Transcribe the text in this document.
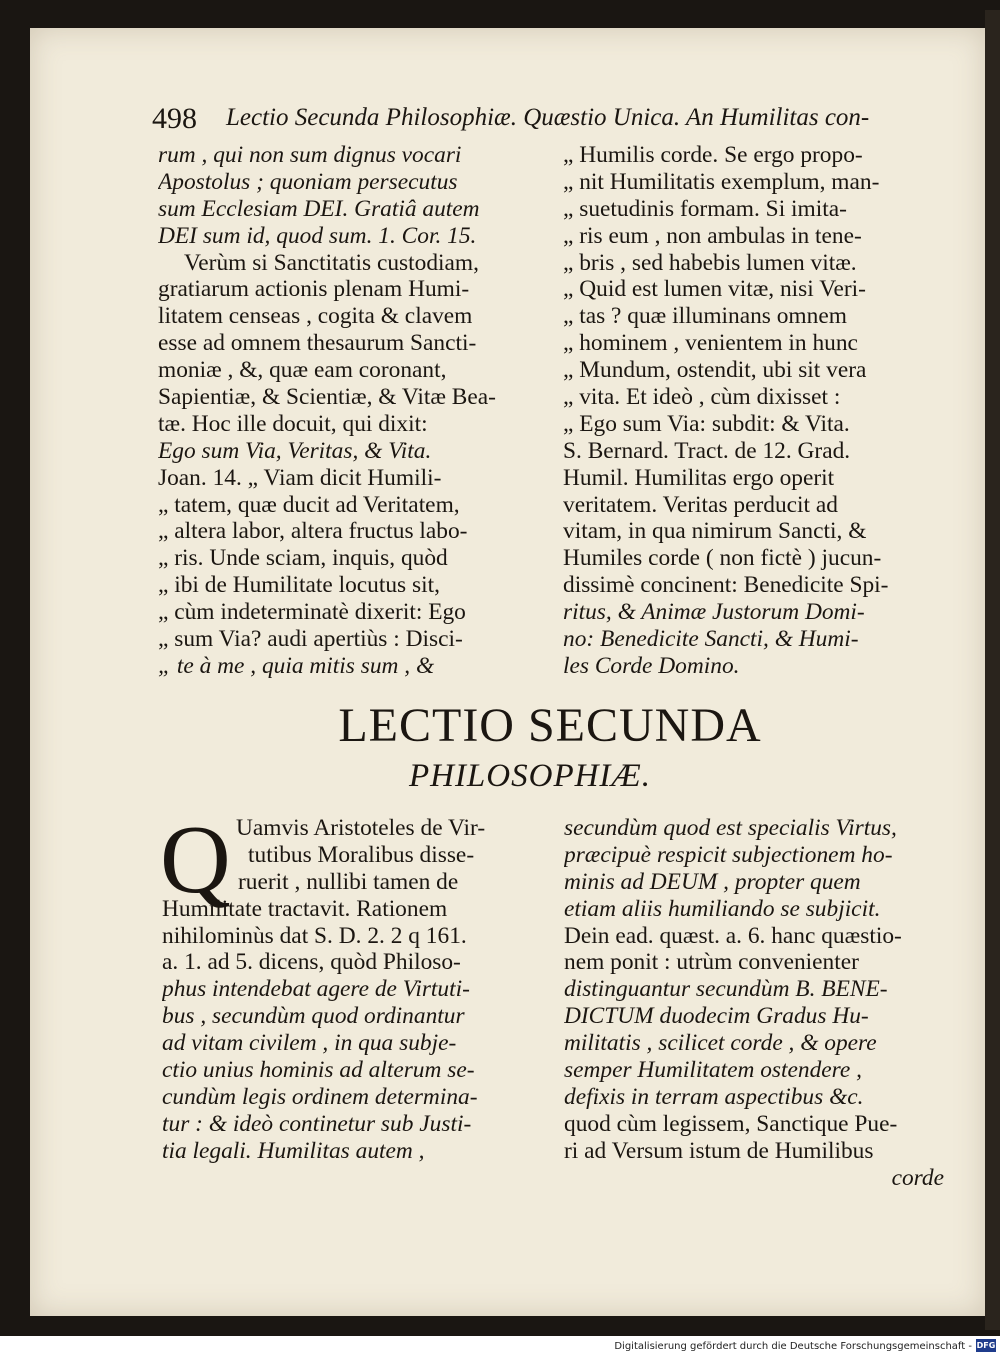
498 Lectio Secunda Philosophiæ. Quæstio Unica. An Humilitas con-
rum , qui non sum dignus vocari
Apostolus ; quoniam persecutus
sum Ecclesiam DEI. Gratiâ autem
DEI sum id, quod sum. 1. Cor. 15.
Verùm si Sanctitatis custodiam,
gratiarum actionis plenam Humi-
litatem censeas , cogita & clavem
esse ad omnem thesaurum Sancti-
moniæ , &, quæ eam coronant,
Sapientiæ, & Scientiæ, & Vitæ Bea-
tæ. Hoc ille docuit, qui dixit:
Ego sum Via, Veritas, & Vita.
Joan. 14. „ Viam dicit Humili-
„ tatem, quæ ducit ad Veritatem,
„ altera labor, altera fructus labo-
„ ris. Unde sciam, inquis, quòd
„ ibi de Humilitate locutus sit,
„ cùm indeterminatè dixerit: Ego
„ sum Via? audi apertiùs : Disci-
„ te à me , quia mitis sum , &
„ Humilis corde. Se ergo propo-
„ nit Humilitatis exemplum, man-
„ suetudinis formam. Si imita-
„ ris eum , non ambulas in tene-
„ bris , sed habebis lumen vitæ.
„ Quid est lumen vitæ, nisi Veri-
„ tas ? quæ illuminans omnem
„ hominem , venientem in hunc
„ Mundum, ostendit, ubi sit vera
„ vita. Et ideò , cùm dixisset :
„ Ego sum Via: subdit: & Vita.
S. Bernard. Tract. de 12. Grad.
Humil. Humilitas ergo operit
veritatem. Veritas perducit ad
vitam, in qua nimirum Sancti, &
Humiles corde ( non fictè ) jucun-
dissimè concinent: Benedicite Spi-
ritus, & Animæ Justorum Domi-
no: Benedicite Sancti, & Humi-
les Corde Domino.
LECTIO SECUNDA
PHILOSOPHIÆ.
Q Uamvis Aristoteles de Vir-
tutibus Moralibus disse-
ruerit , nullibi tamen de
Humilitate tractavit. Rationem
nihilominùs dat S. D. 2. 2 q 161.
a. 1. ad 5. dicens, quòd Philoso-
phus intendebat agere de Virtuti-
bus , secundùm quod ordinantur
ad vitam civilem , in qua subje-
ctio unius hominis ad alterum se-
cundùm legis ordinem determina-
tur : & ideò continetur sub Justi-
tia legali. Humilitas autem ,
secundùm quod est specialis Virtus,
præcipuè respicit subjectionem ho-
minis ad DEUM , propter quem
etiam aliis humiliando se subjicit.
Dein ead. quæst. a. 6. hanc quæstio-
nem ponit : utrùm convenienter
distinguantur secundùm B. BENE-
DICTUM duodecim Gradus Hu-
militatis , scilicet corde , & opere
semper Humilitatem ostendere ,
defixis in terram aspectibus &c.
quod cùm legissem, Sanctique Pue-
ri ad Versum istum de Humilibus
corde
Digitalisierung gefördert durch die Deutsche Forschungsgemeinschaft - DFG
